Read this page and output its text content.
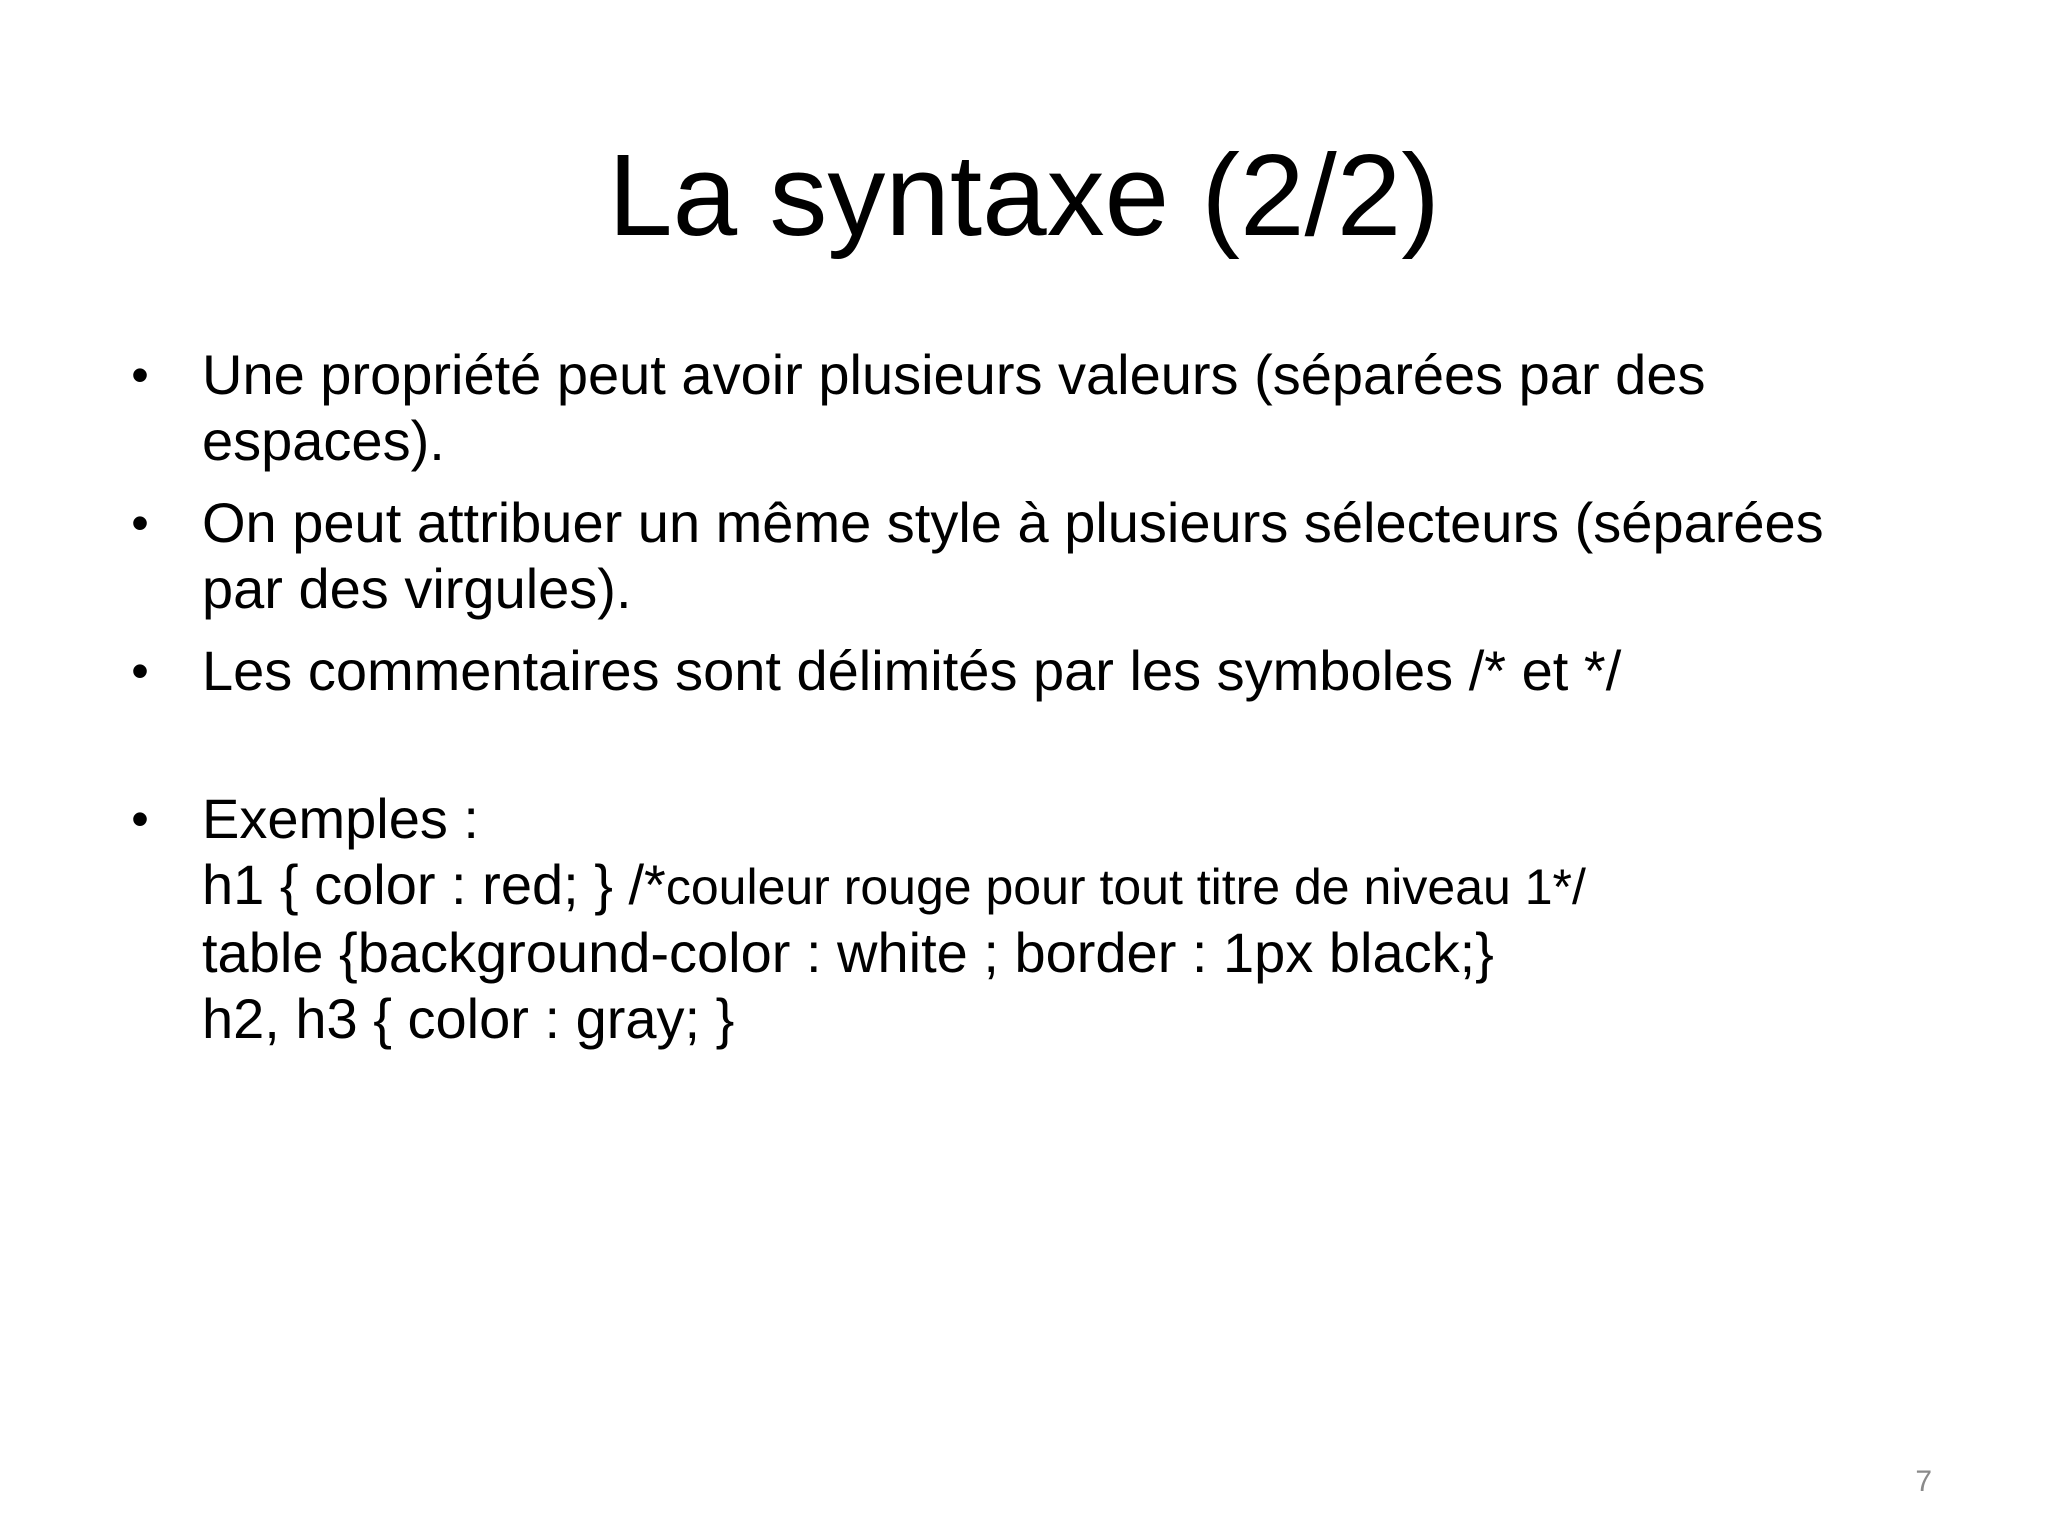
La syntaxe (2/2)
• Une propriété peut avoir plusieurs valeurs (séparées par des
espaces).
• On peut attribuer un même style à plusieurs sélecteurs (séparées
par des virgules).
• Les commentaires sont délimités par les symboles /* et */
• Exemples :
h1 { color : red; } /*couleur rouge pour tout titre de niveau 1*/
table {background-color : white ; border : 1px black;}
h2, h3 { color : gray; }
7
